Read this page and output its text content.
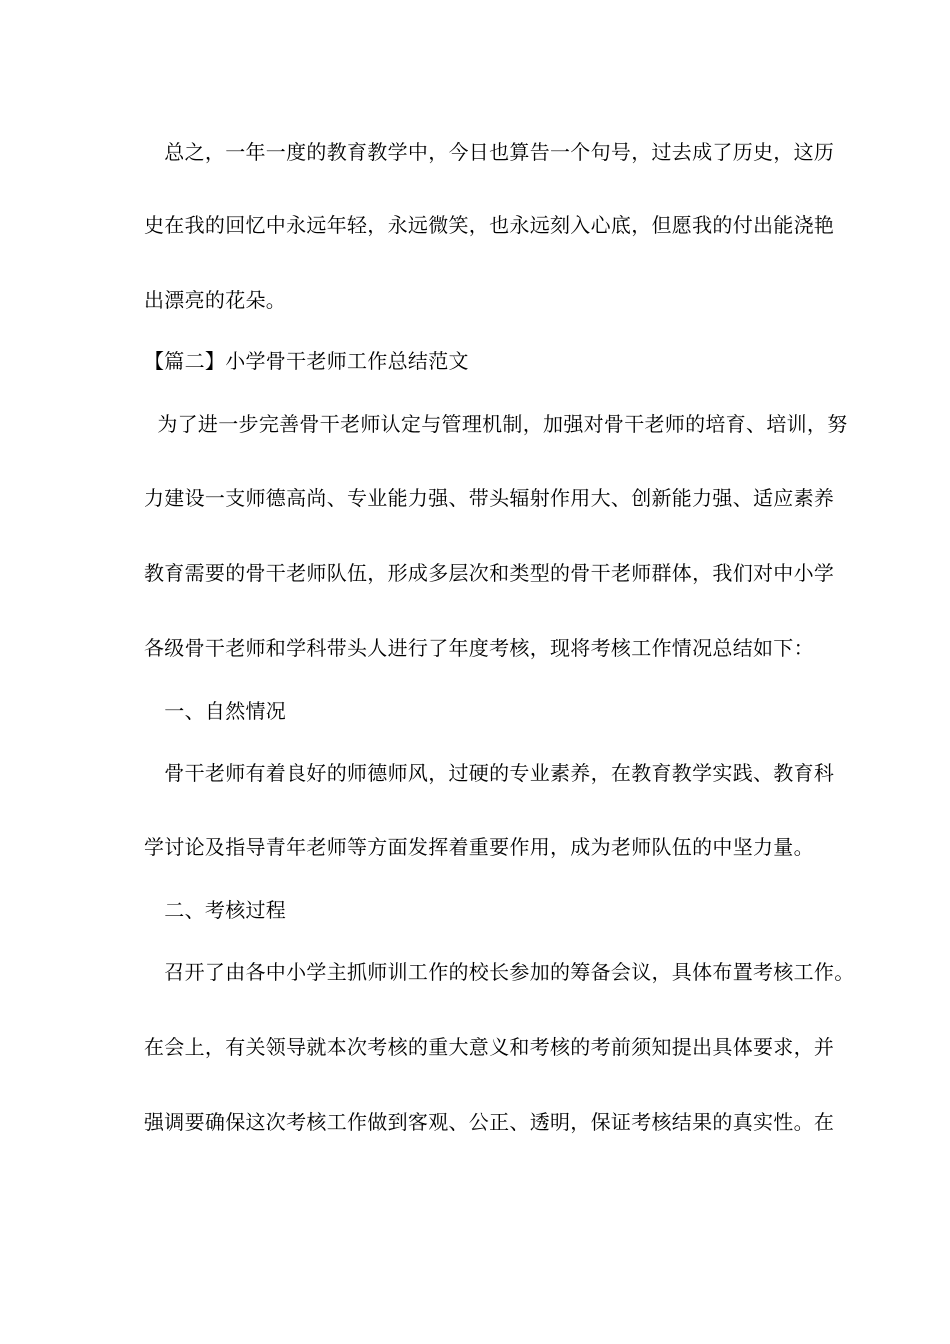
　总之，一年一度的教育教学中，今日也算告一个句号，过去成了历史，这历
史在我的回忆中永远年轻，永远微笑，也永远刻入心底，但愿我的付出能浇艳
出漂亮的花朵。
【篇二】小学骨干老师工作总结范文
为了进一步完善骨干老师认定与管理机制，加强对骨干老师的培育、培训，努
力建设一支师德高尚、专业能力强、带头辐射作用大、创新能力强、适应素养
教育需要的骨干老师队伍，形成多层次和类型的骨干老师群体，我们对中小学
各级骨干老师和学科带头人进行了年度考核，现将考核工作情况总结如下：
　一、自然情况
　骨干老师有着良好的师德师风，过硬的专业素养，在教育教学实践、教育科
学讨论及指导青年老师等方面发挥着重要作用，成为老师队伍的中坚力量。
　二、考核过程
　召开了由各中小学主抓师训工作的校长参加的筹备会议，具体布置考核工作。
在会上，有关领导就本次考核的重大意义和考核的考前须知提出具体要求，并
强调要确保这次考核工作做到客观、公正、透明，保证考核结果的真实性。在
